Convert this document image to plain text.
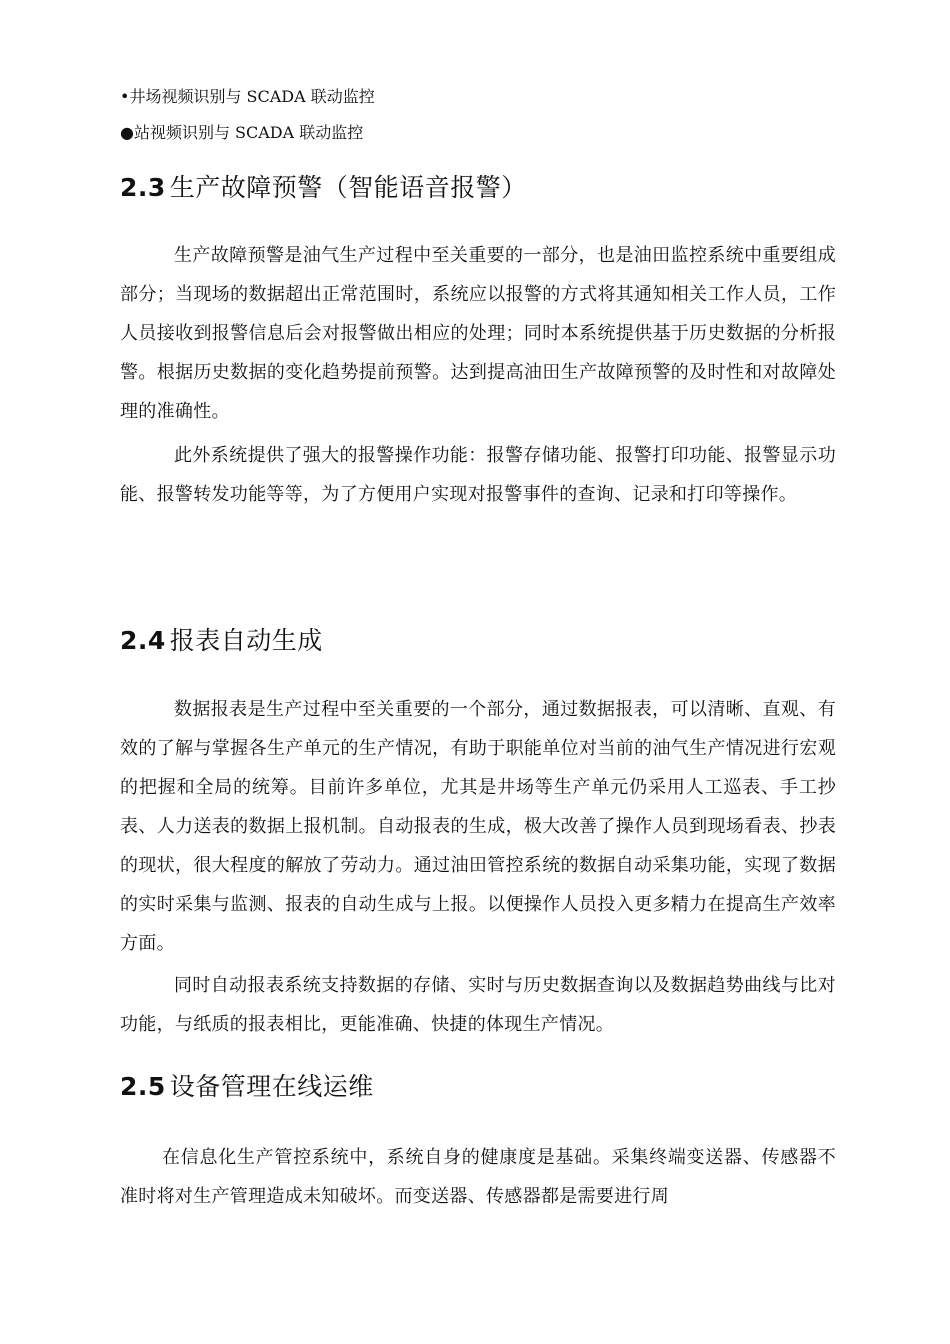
•井场视频识别与 SCADA 联动监控
●站视频识别与 SCADA 联动监控
2.3 生产故障预警（智能语音报警）

生产故障预警是油气生产过程中至关重要的一部分，也是油田监控系统中重要组成部分；当现场的数据超出正常范围时，系统应以报警的方式将其通知相关工作人员，工作人员接收到报警信息后会对报警做出相应的处理；同时本系统提供基于历史数据的分析报警。根据历史数据的变化趋势提前预警。达到提高油田生产故障预警的及时性和对故障处理的准确性。

此外系统提供了强大的报警操作功能：报警存储功能、报警打印功能、报警显示功能、报警转发功能等等，为了方便用户实现对报警事件的查询、记录和打印等操作。

2.4 报表自动生成

数据报表是生产过程中至关重要的一个部分，通过数据报表，可以清晰、直观、有效的了解与掌握各生产单元的生产情况，有助于职能单位对当前的油气生产情况进行宏观的把握和全局的统筹。目前许多单位，尤其是井场等生产单元仍采用人工巡表、手工抄表、人力送表的数据上报机制。自动报表的生成，极大改善了操作人员到现场看表、抄表的现状，很大程度的解放了劳动力。通过油田管控系统的数据自动采集功能，实现了数据的实时采集与监测、报表的自动生成与上报。以便操作人员投入更多精力在提高生产效率方面。

同时自动报表系统支持数据的存储、实时与历史数据查询以及数据趋势曲线与比对功能，与纸质的报表相比，更能准确、快捷的体现生产情况。

2.5 设备管理在线运维

在信息化生产管控系统中，系统自身的健康度是基础。采集终端变送器、传感器不准时将对生产管理造成未知破坏。而变送器、传感器都是需要进行周
